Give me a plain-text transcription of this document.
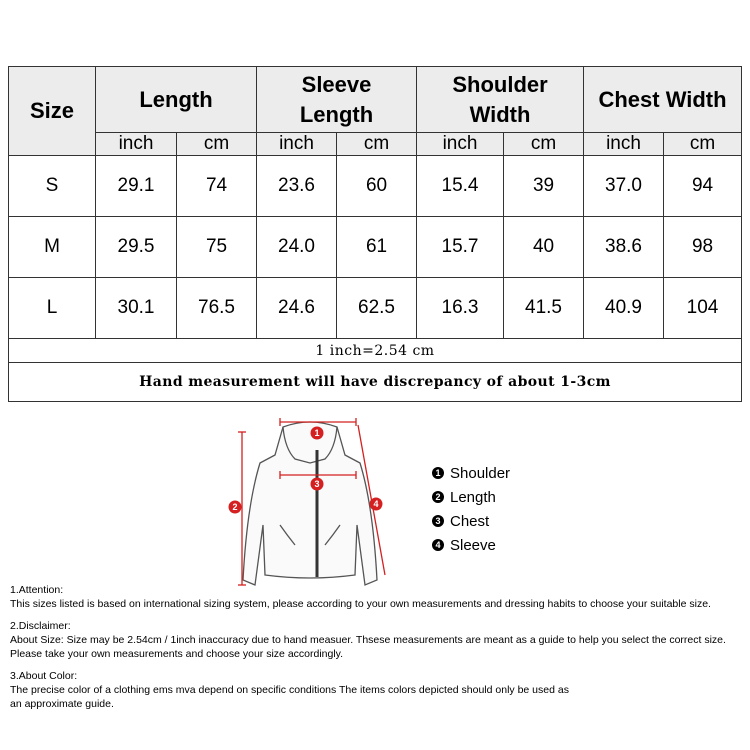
Size	Length		Sleeve Length		Shoulder Width		Chest Width	
	inch	cm	inch	cm	inch	cm	inch	cm
S	29.1	74	23.6	60	15.4	39	37.0	94
M	29.5	75	24.0	61	15.7	40	38.6	98
L	30.1	76.5	24.6	62.5	16.3	41.5	40.9	104
1 inch=2.54 cm								
Hand measurement will have discrepancy of about 1-3cm								
1
2
3
4
1 Shoulder
2 Length
3 Chest
4 Sleeve

1.Attention:

This sizes listed is based on international sizing system, please according to your own measurements and dressing habits to choose your suitable size.

2.Disclaimer:

About Size: Size may be 2.54cm / 1inch inaccuracy due to hand measuer. Thsese measurements are meant as a guide to help you select the correct size.

Please take your own measurements and choose your size accordingly.

3.About Color:

The precise color of a clothing ems mva depend on specific conditions The items colors depicted should only be used as

an approximate guide.
